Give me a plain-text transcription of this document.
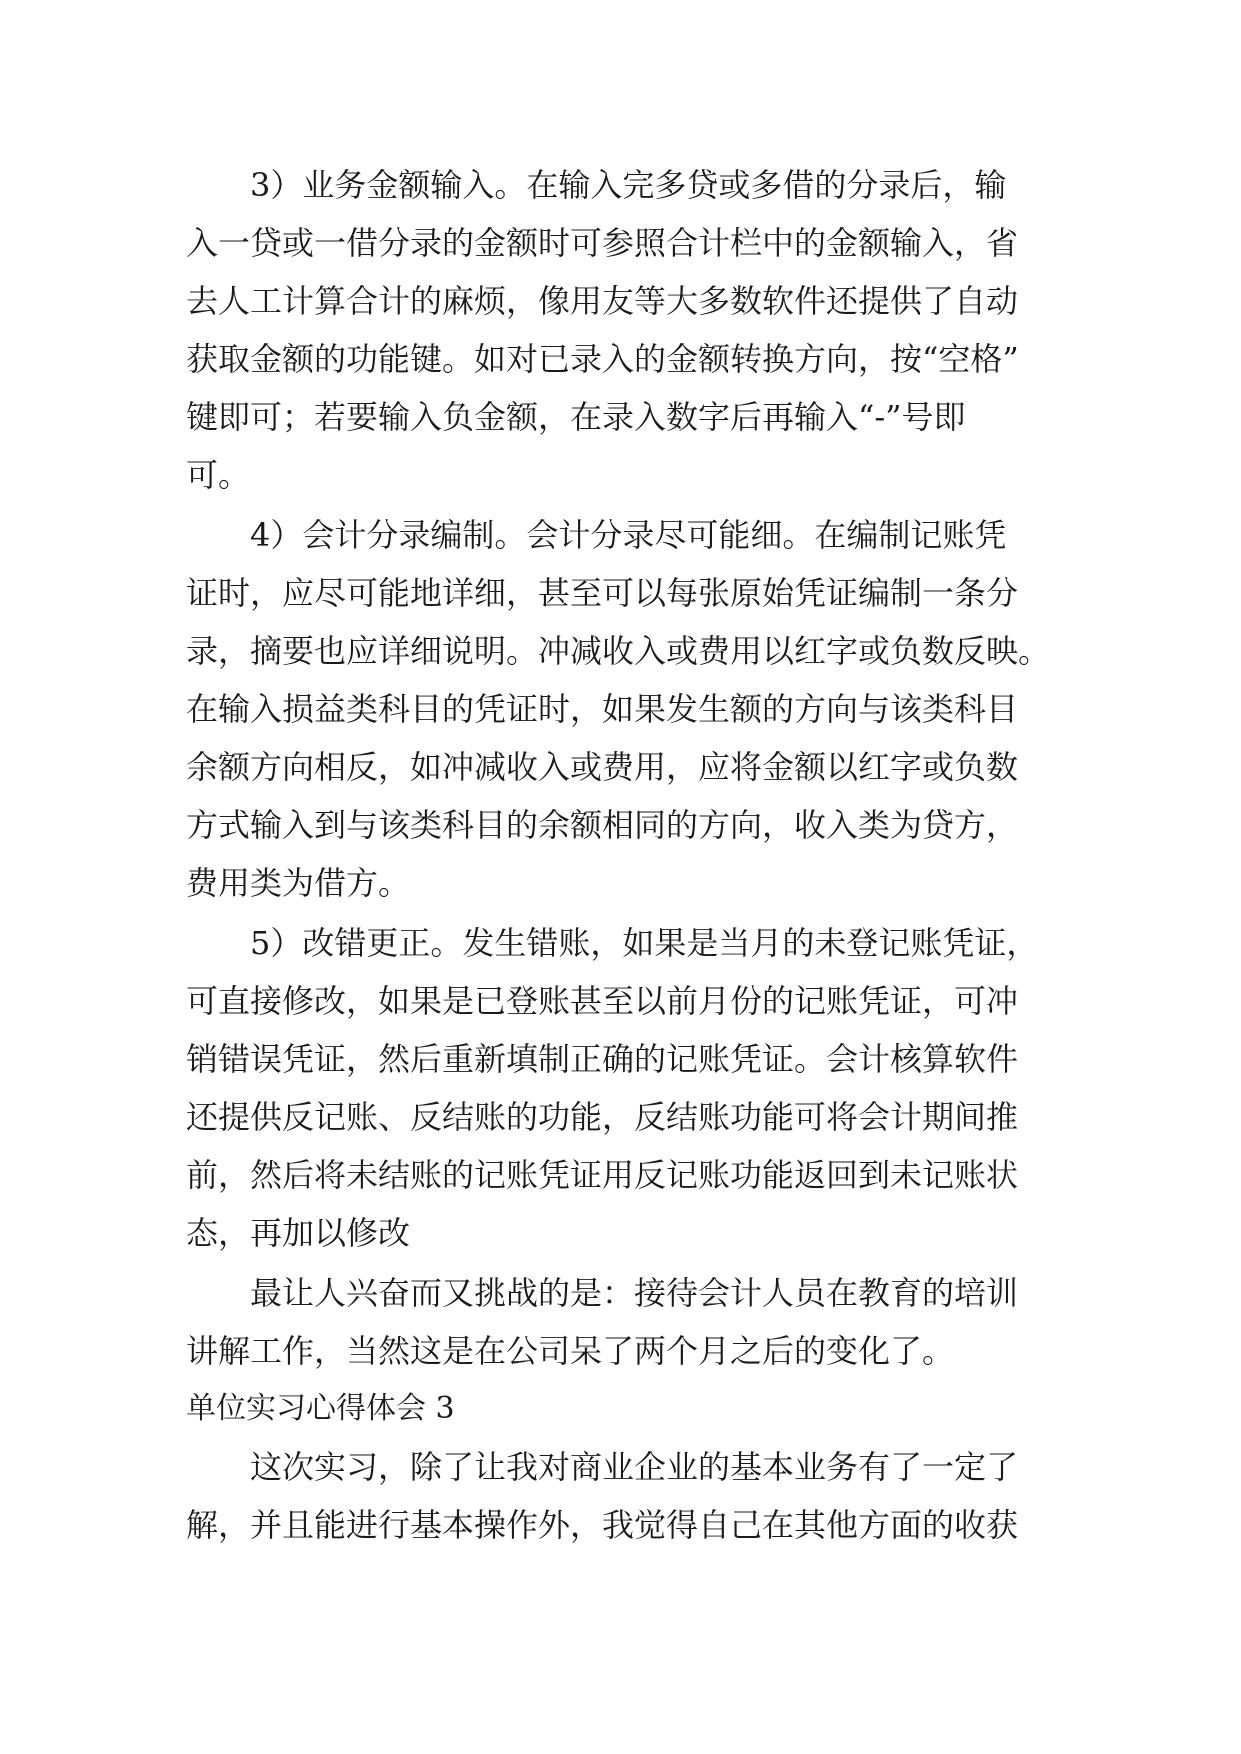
3）业务金额输入。在输入完多贷或多借的分录后，输
入一贷或一借分录的金额时可参照合计栏中的金额输入，省
去人工计算合计的麻烦，像用友等大多数软件还提供了自动
获取金额的功能键。如对已录入的金额转换方向，按“空格”
键即可；若要输入负金额，在录入数字后再输入“-”号即
可。
4）会计分录编制。会计分录尽可能细。在编制记账凭
证时，应尽可能地详细，甚至可以每张原始凭证编制一条分
录，摘要也应详细说明。冲减收入或费用以红字或负数反映。
在输入损益类科目的凭证时，如果发生额的方向与该类科目
余额方向相反，如冲减收入或费用，应将金额以红字或负数
方式输入到与该类科目的余额相同的方向，收入类为贷方，
费用类为借方。
5）改错更正。发生错账，如果是当月的未登记账凭证，
可直接修改，如果是已登账甚至以前月份的记账凭证，可冲
销错误凭证，然后重新填制正确的记账凭证。会计核算软件
还提供反记账、反结账的功能，反结账功能可将会计期间推
前，然后将未结账的记账凭证用反记账功能返回到未记账状
态，再加以修改
最让人兴奋而又挑战的是：接待会计人员在教育的培训
讲解工作，当然这是在公司呆了两个月之后的变化了。
单位实习心得体会 3
这次实习，除了让我对商业企业的基本业务有了一定了
解，并且能进行基本操作外，我觉得自己在其他方面的收获
